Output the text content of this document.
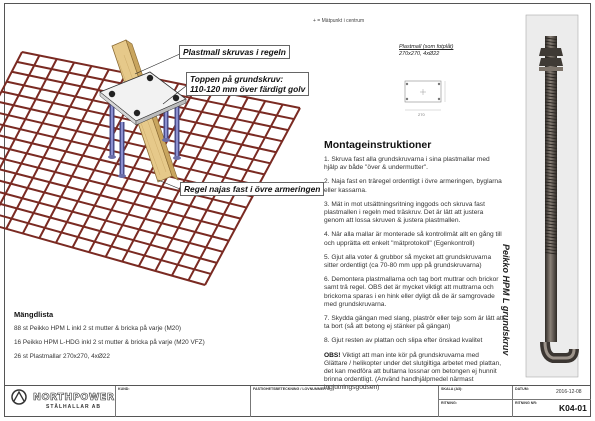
Plastmall skruvas i regeln
Toppen på grundskruv:
110-120 mm över färdigt golv
Regel najas fast i övre armeringen
+ = Mätpunkt i centrum
Plastmall (som fotplåt)
270x270, 4xØ22
270
Peikko HPM L grundskruv
Montageinstruktioner
1. Skruva fast alla grundskruvarna i sina plastmallar med hjälp av både "över & undermutter".
2. Naja fast en träregel ordentligt i övre armeringen, byglarna eller kassarna.
3. Mät in mot utsättningsritning inggods och skruva fast plastmallen i regeln med träskruv. Det är lätt att justera genom att lossa skruven & justera plastmallen.
4. När alla mallar är monterade så kontrollmät allt en gång till och upprätta ett enkelt "mätprotokoll" (Egenkontroll)
5. Gjut alla voter & grubbor så mycket att grundskruvarna sitter ordentligt (ca 70-80 mm upp på grundskruvarna)
6. Demontera plastmallarna och tag bort muttrar och brickor samt trä regel. OBS det är mycket viktigt att muttrarna och brickorna sparas i en hink eller dyligt då de är samgrovade med grundskruvarna.
7. Skydda gängan med slang, plaströr eller tejp som är lätt att ta bort (så att betong ej stänker på gängan)
8. Gjut resten av plattan och slipa efter önskad kvalitet

OBS! Viktigt att man inte kör på grundskruvarna med Glättare / helikopter under det slutgiltiga arbetet med plattan, det kan medföra att bultarna lossnar om betongen ej hunnit brinna ordentligt. (Använd handhjälpmedel närmast ingjutningsgodsen)

Mängdlista
88 st Peikko HPM L inkl 2 st mutter & bricka på varje (M20)
16 Peikko HPM L-HDG inkl 2 st mutter & bricka på varje (M20 VFZ)
26 st Plastmallar 270x270, 4xØ22
NORTHPOWER
STÅLHALLAR AB
KUND:	FASTIGHETSBETECKNING / LOVNUMMER Ö	SKALA (A3):
RITNING:
DATUM:	2016-12-08
RITNING NR:	K04-01
